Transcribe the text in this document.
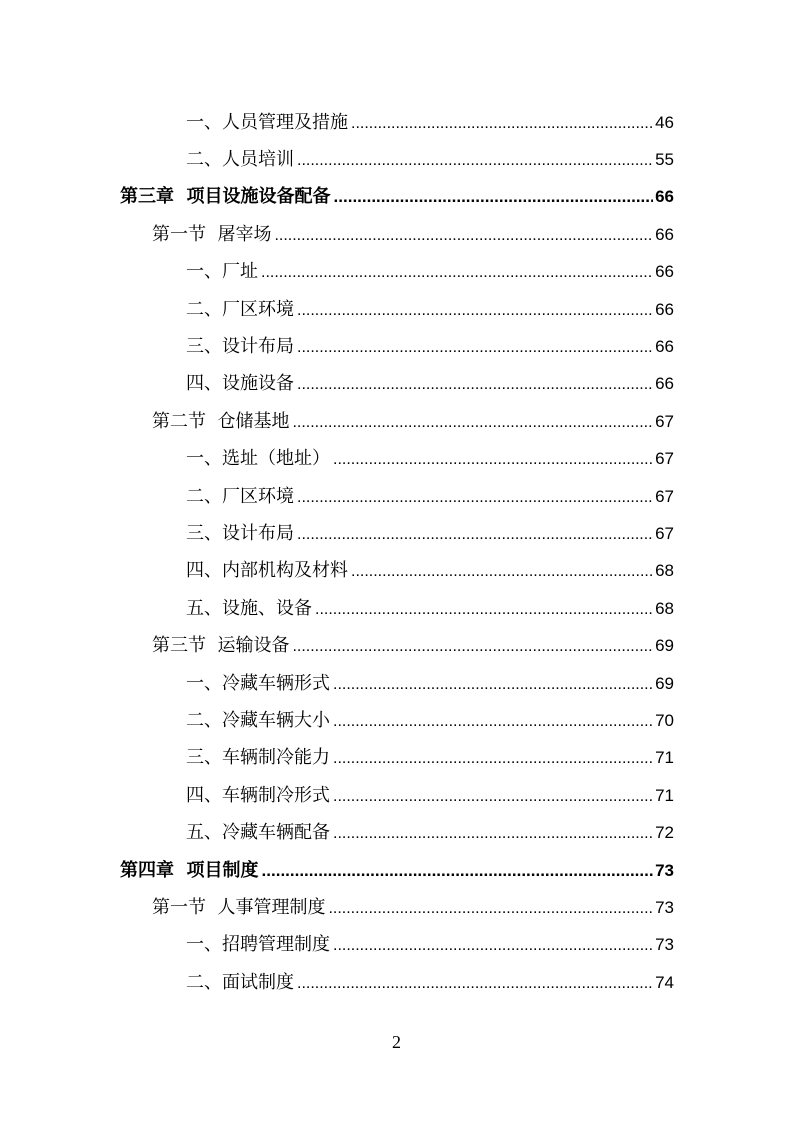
一、人员管理及措施 .....	46
二、人员培训 .....	55
第三章  项目设施设备配备 .....	66
第一节  屠宰场 .....	66
一、厂址 .....	66
二、厂区环境 .....	66
三、设计布局 .....	66
四、设施设备 .....	66
第二节  仓储基地 .....	67
一、选址（地址） .....	67
二、厂区环境 .....	67
三、设计布局 .....	67
四、内部机构及材料 .....	68
五、设施、设备 .....	68
第三节  运输设备 .....	69
一、冷藏车辆形式 .....	69
二、冷藏车辆大小 .....	70
三、车辆制冷能力 .....	71
四、车辆制冷形式 .....	71
五、冷藏车辆配备 .....	72
第四章  项目制度 .....	73
第一节  人事管理制度 .....	73
一、招聘管理制度 .....	73
二、面试制度 .....	74
2
